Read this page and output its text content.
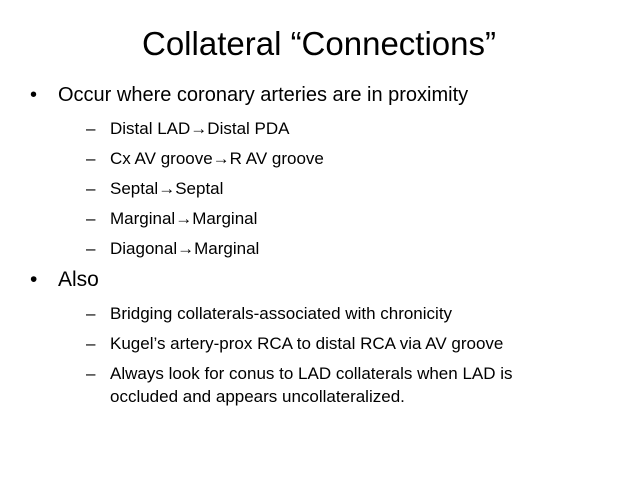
Collateral “Connections”
• Occur where coronary arteries are in proximity
– Distal LAD→Distal PDA
– Cx AV groove→R AV groove
– Septal→Septal
– Marginal→Marginal
– Diagonal→Marginal
• Also
– Bridging collaterals-associated with chronicity
– Kugel’s artery-prox RCA to distal RCA via AV groove
– Always look for conus to LAD collaterals when LAD is occluded and appears uncollateralized.
